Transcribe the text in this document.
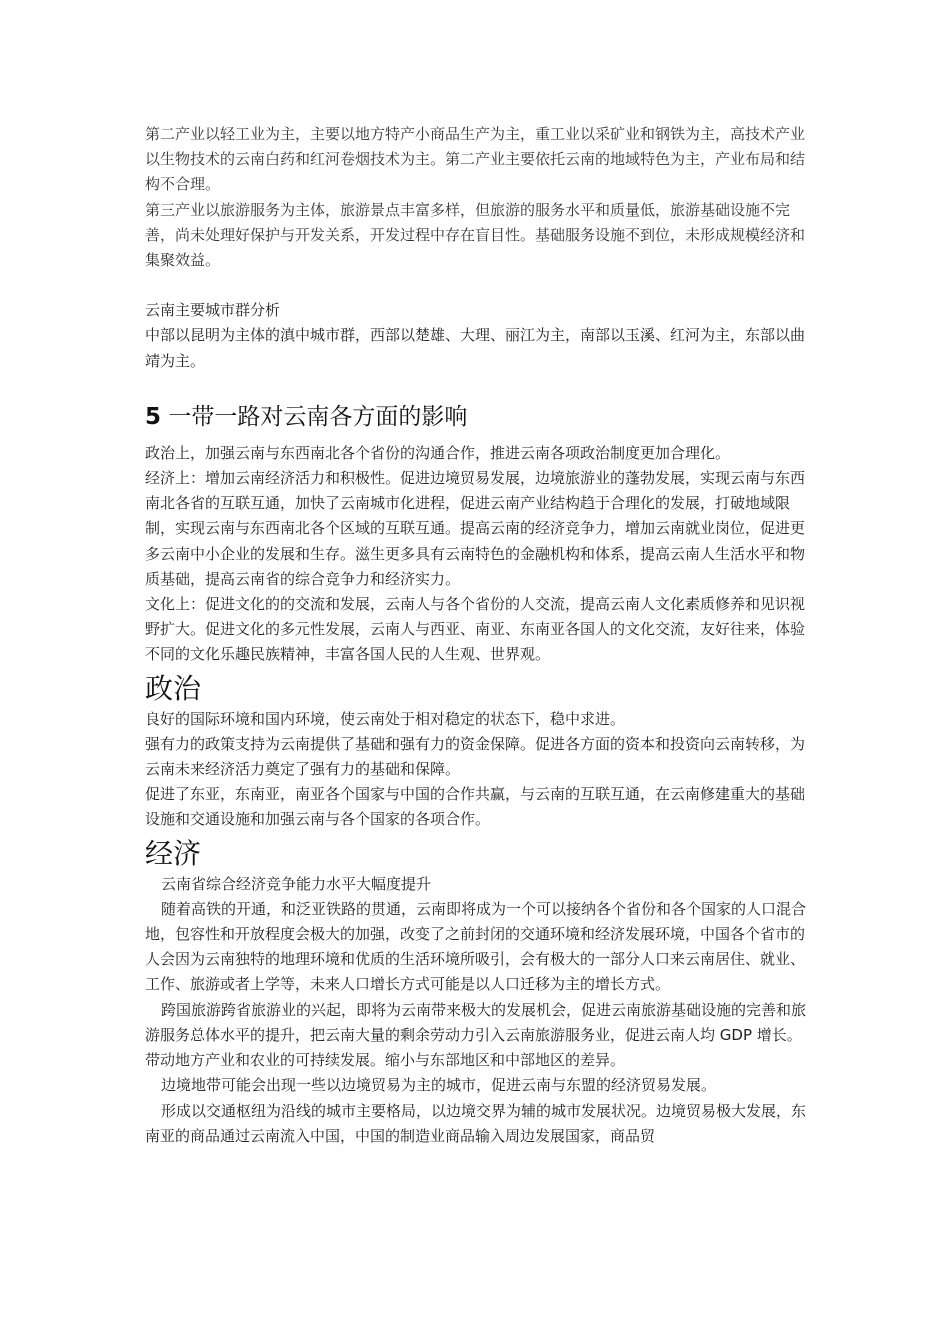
第二产业以轻工业为主，主要以地方特产小商品生产为主，重工业以采矿业和钢铁为主，高技术产业以生物技术的云南白药和红河卷烟技术为主。第二产业主要依托云南的地域特色为主，产业布局和结构不合理。

第三产业以旅游服务为主体，旅游景点丰富多样，但旅游的服务水平和质量低，旅游基础设施不完善，尚未处理好保护与开发关系，开发过程中存在盲目性。基础服务设施不到位，未形成规模经济和集聚效益。

云南主要城市群分析

中部以昆明为主体的滇中城市群，西部以楚雄、大理、丽江为主，南部以玉溪、红河为主，东部以曲靖为主。

5 一带一路对云南各方面的影响

政治上，加强云南与东西南北各个省份的沟通合作，推进云南各项政治制度更加合理化。

经济上：增加云南经济活力和积极性。促进边境贸易发展，边境旅游业的蓬勃发展，实现云南与东西南北各省的互联互通，加快了云南城市化进程，促进云南产业结构趋于合理化的发展，打破地域限制，实现云南与东西南北各个区域的互联互通。提高云南的经济竞争力，增加云南就业岗位，促进更多云南中小企业的发展和生存。滋生更多具有云南特色的金融机构和体系，提高云南人生活水平和物质基础，提高云南省的综合竞争力和经济实力。

文化上：促进文化的的交流和发展，云南人与各个省份的人交流，提高云南人文化素质修养和见识视野扩大。促进文化的多元性发展，云南人与西亚、南亚、东南亚各国人的文化交流，友好往来，体验不同的文化乐趣民族精神，丰富各国人民的人生观、世界观。

政治

良好的国际环境和国内环境，使云南处于相对稳定的状态下，稳中求进。

强有力的政策支持为云南提供了基础和强有力的资金保障。促进各方面的资本和投资向云南转移，为云南未来经济活力奠定了强有力的基础和保障。

促进了东亚，东南亚，南亚各个国家与中国的合作共赢，与云南的互联互通，在云南修建重大的基础设施和交通设施和加强云南与各个国家的各项合作。

经济

云南省综合经济竞争能力水平大幅度提升

随着高铁的开通，和泛亚铁路的贯通，云南即将成为一个可以接纳各个省份和各个国家的人口混合地，包容性和开放程度会极大的加强，改变了之前封闭的交通环境和经济发展环境，中国各个省市的人会因为云南独特的地理环境和优质的生活环境所吸引，会有极大的一部分人口来云南居住、就业、工作、旅游或者上学等，未来人口增长方式可能是以人口迁移为主的增长方式。

跨国旅游跨省旅游业的兴起，即将为云南带来极大的发展机会，促进云南旅游基础设施的完善和旅游服务总体水平的提升，把云南大量的剩余劳动力引入云南旅游服务业，促进云南人均 GDP 增长。带动地方产业和农业的可持续发展。缩小与东部地区和中部地区的差异。

边境地带可能会出现一些以边境贸易为主的城市，促进云南与东盟的经济贸易发展。

形成以交通枢纽为沿线的城市主要格局，以边境交界为辅的城市发展状况。边境贸易极大发展，东南亚的商品通过云南流入中国，中国的制造业商品输入周边发展国家，商品贸
